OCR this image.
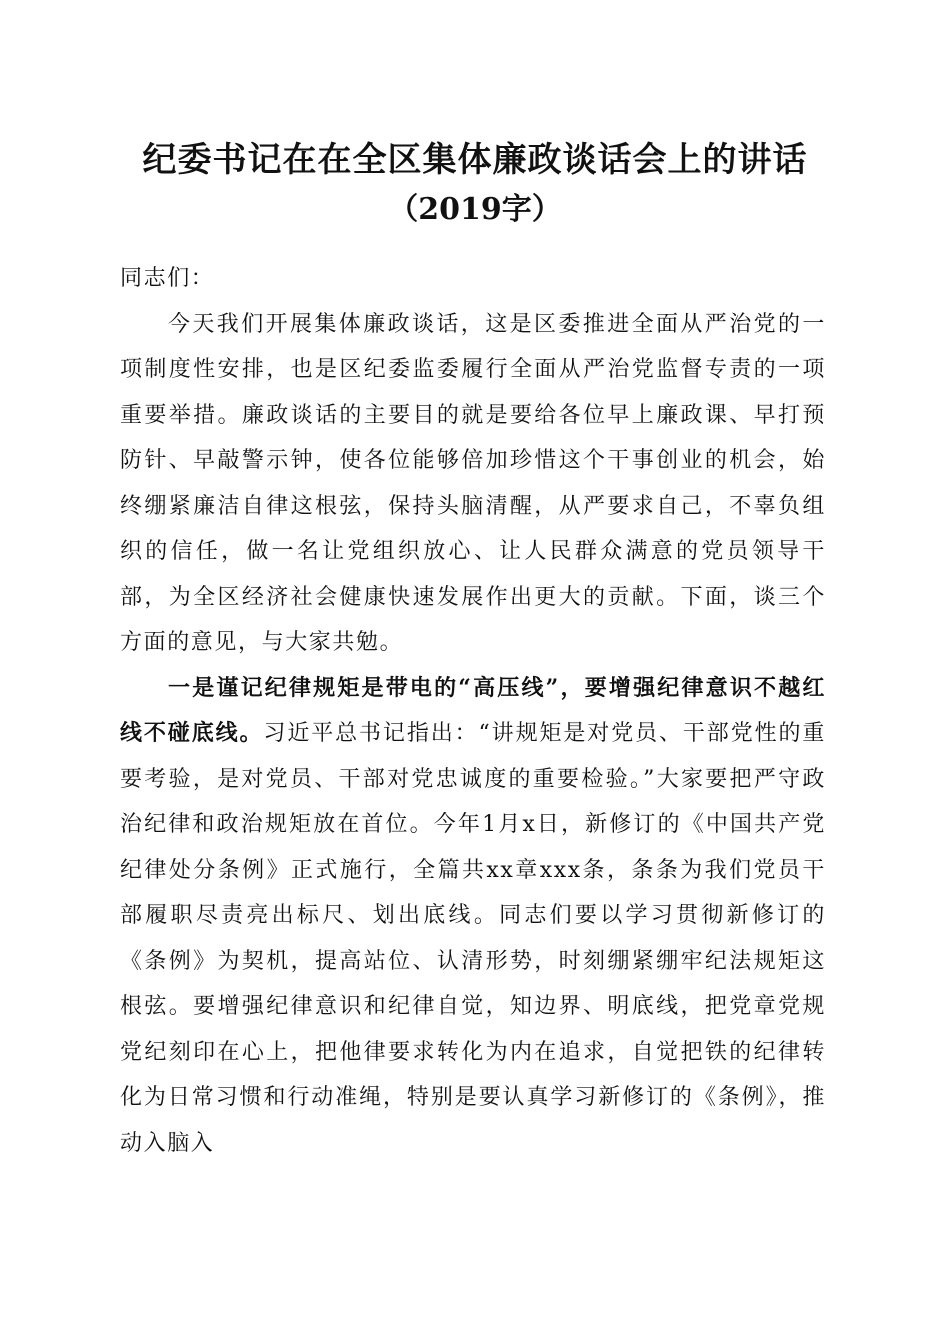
纪委书记在在全区集体廉政谈话会上的讲话
（2019字）

同志们：

今天我们开展集体廉政谈话，这是区委推进全面从严治党的一项制度性安排，也是区纪委监委履行全面从严治党监督专责的一项重要举措。廉政谈话的主要目的就是要给各位早上廉政课、早打预防针、早敲警示钟，使各位能够倍加珍惜这个干事创业的机会，始终绷紧廉洁自律这根弦，保持头脑清醒，从严要求自己，不辜负组织的信任，做一名让党组织放心、让人民群众满意的党员领导干部，为全区经济社会健康快速发展作出更大的贡献。下面，谈三个方面的意见，与大家共勉。

一是谨记纪律规矩是带电的“高压线”，要增强纪律意识不越红线不碰底线。习近平总书记指出：“讲规矩是对党员、干部党性的重要考验，是对党员、干部对党忠诚度的重要检验。”大家要把严守政治纪律和政治规矩放在首位。今年1月x日，新修订的《中国共产党纪律处分条例》正式施行，全篇共xx章xxx条，条条为我们党员干部履职尽责亮出标尺、划出底线。同志们要以学习贯彻新修订的《条例》为契机，提高站位、认清形势，时刻绷紧绷牢纪法规矩这根弦。要增强纪律意识和纪律自觉，知边界、明底线，把党章党规党纪刻印在心上，把他律要求转化为内在追求，自觉把铁的纪律转化为日常习惯和行动准绳，特别是要认真学习新修订的《条例》，推动入脑入
